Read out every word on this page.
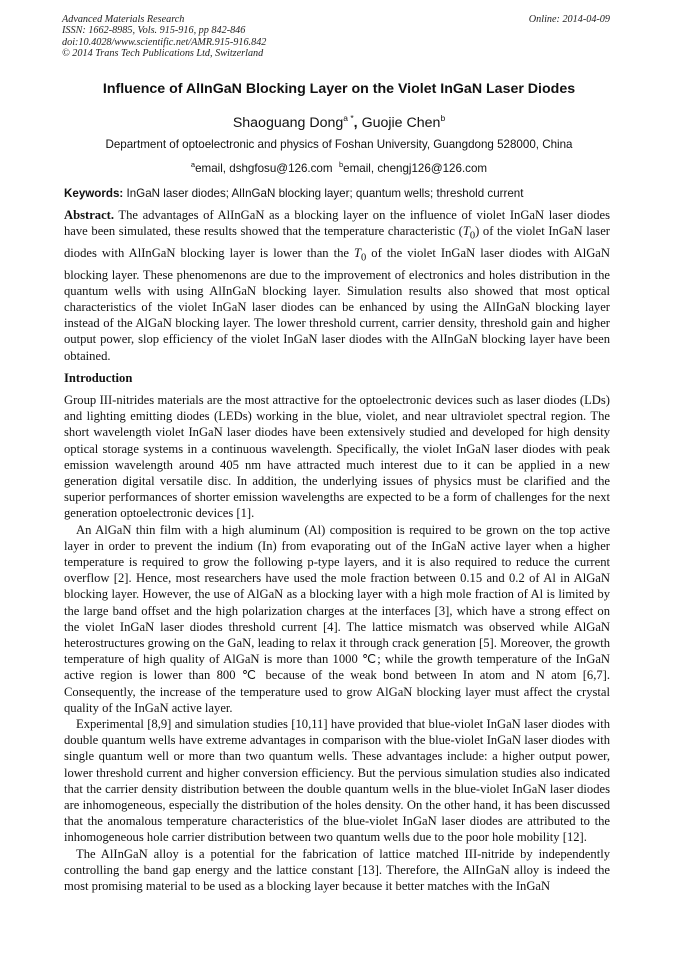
Advanced Materials Research
ISSN: 1662-8985, Vols. 915-916, pp 842-846
doi:10.4028/www.scientific.net/AMR.915-916.842
© 2014 Trans Tech Publications Ltd, Switzerland
Online: 2014-04-09
Influence of AlInGaN Blocking Layer on the Violet InGaN Laser Diodes
Shaoguang Dong$^{a *}$, Guojie Chen$^b$
Department of optoelectronic and physics of Foshan University, Guangdong 528000, China
$^a$email, dshgfosu@126.com $^b$email, chengj126@126.com
Keywords: InGaN laser diodes; AlInGaN blocking layer; quantum wells; threshold current
Abstract. The advantages of AlInGaN as a blocking layer on the influence of violet InGaN laser diodes have been simulated, these results showed that the temperature characteristic $(T_0)$ of the violet InGaN laser diodes with AlInGaN blocking layer is lower than the $T_0$ of the violet InGaN laser diodes with AlGaN blocking layer. These phenomenons are due to the improvement of electronics and holes distribution in the quantum wells with using AlInGaN blocking layer. Simulation results also showed that most optical characteristics of the violet InGaN laser diodes can be enhanced by using the AlInGaN blocking layer instead of the AlGaN blocking layer. The lower threshold current, carrier density, threshold gain and higher output power, slop efficiency of the violet InGaN laser diodes with the AlInGaN blocking layer have been obtained.
Introduction

Group III-nitrides materials are the most attractive for the optoelectronic devices such as laser diodes (LDs) and lighting emitting diodes (LEDs) working in the blue, violet, and near ultraviolet spectral region. The short wavelength violet InGaN laser diodes have been extensively studied and developed for high density optical storage systems in a continuous wavelength. Specifically, the violet InGaN laser diodes with peak emission wavelength around 405 nm have attracted much interest due to it can be applied in a new generation digital versatile disc. In addition, the underlying issues of physics must be clarified and the superior performances of shorter emission wavelengths are expected to be a form of challenges for the next generation optoelectronic devices [1].

An AlGaN thin film with a high aluminum (Al) composition is required to be grown on the top active layer in order to prevent the indium (In) from evaporating out of the InGaN active layer when a higher temperature is required to grow the following p-type layers, and it is also required to reduce the current overflow [2]. Hence, most researchers have used the mole fraction between 0.15 and 0.2 of Al in AlGaN blocking layer. However, the use of AlGaN as a blocking layer with a high mole fraction of Al is limited by the large band offset and the high polarization charges at the interfaces [3], which have a strong effect on the violet InGaN laser diodes threshold current [4]. The lattice mismatch was observed while AlGaN heterostructures growing on the GaN, leading to relax it through crack generation [5]. Moreover, the growth temperature of high quality of AlGaN is more than 1000 ℃; while the growth temperature of the InGaN active region is lower than 800 ℃ because of the weak bond between In atom and N atom [6,7]. Consequently, the increase of the temperature used to grow AlGaN blocking layer must affect the crystal quality of the InGaN active layer.

Experimental [8,9] and simulation studies [10,11] have provided that blue-violet InGaN laser diodes with double quantum wells have extreme advantages in comparison with the blue-violet InGaN laser diodes with single quantum well or more than two quantum wells. These advantages include: a higher output power, lower threshold current and higher conversion efficiency. But the pervious simulation studies also indicated that the carrier density distribution between the double quantum wells in the blue-violet InGaN laser diodes are inhomogeneous, especially the distribution of the holes density. On the other hand, it has been discussed that the anomalous temperature characteristics of the blue-violet InGaN laser diodes are attributed to the inhomogeneous hole carrier distribution between two quantum wells due to the poor hole mobility [12].

The AlInGaN alloy is a potential for the fabrication of lattice matched III-nitride by independently controlling the band gap energy and the lattice constant [13]. Therefore, the AlInGaN alloy is indeed the most promising material to be used as a blocking layer because it better matches with the InGaN
